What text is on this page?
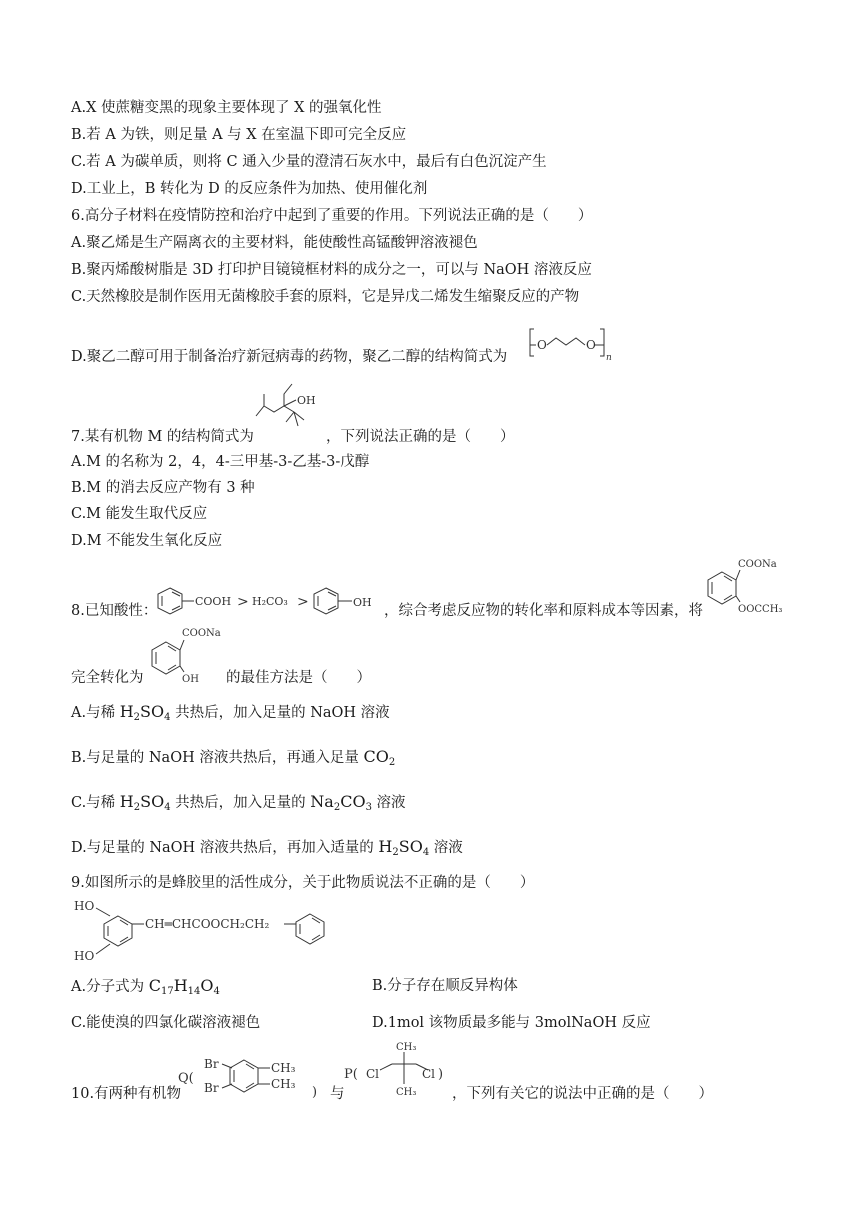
A.X 使蔗糖变黑的现象主要体现了 X 的强氧化性
B.若 A 为铁，则足量 A 与 X 在室温下即可完全反应
C.若 A 为碳单质，则将 C 通入少量的澄清石灰水中，最后有白色沉淀产生
D.工业上，B 转化为 D 的反应条件为加热、使用催化剂
6.高分子材料在疫情防控和治疗中起到了重要的作用。下列说法正确的是（　　）
A.聚乙烯是生产隔离衣的主要材料，能使酸性高锰酸钾溶液褪色
B.聚丙烯酸树脂是 3D 打印护目镜镜框材料的成分之一，可以与 NaOH 溶液反应
C.天然橡胶是制作医用无菌橡胶手套的原料，它是异戊二烯发生缩聚反应的产物
D.聚乙二醇可用于制备治疗新冠病毒的药物，聚乙二醇的结构简式为
O	O
n
7.某有机物 M 的结构简式为
OH
，下列说法正确的是（　　）
A.M 的名称为 2，4，4-三甲基-3-乙基-3-戊醇
B.M 的消去反应产物有 3 种
C.M 能发生取代反应
D.M 不能发生氧化反应
8.已知酸性：
COOH > H₂CO₃ >	OH
，综合考虑反应物的转化率和原料成本等因素，将
COONa
OOCCH₃
完全转化为
COONa
OH 的最佳方法是（　　）
A.与稀 $H_2SO_4$ 共热后，加入足量的 NaOH 溶液
B.与足量的 NaOH 溶液共热后，再通入足量 $CO_2$
C.与稀 $H_2SO_4$ 共热后，加入足量的 $Na_2CO_3$ 溶液
D.与足量的 NaOH 溶液共热后，再加入适量的 $H_2SO_4$ 溶液
9.如图所示的是蜂胶里的活性成分，关于此物质说法不正确的是（　　）
HO
HO
CH═CHCOOCH₂CH₂
A.分子式为 $C_{17}H_{14}O_4$	B.分子存在顺反异构体
C.能使溴的四氯化碳溶液褪色	D.1mol 该物质最多能与 3molNaOH 反应
10.有两种有机物
Q(
Br
Br
CH₃
CH₃
) 与
P(
CH₃
Cl	Cl
CH₃
)
，下列有关它的说法中正确的是（　　）
